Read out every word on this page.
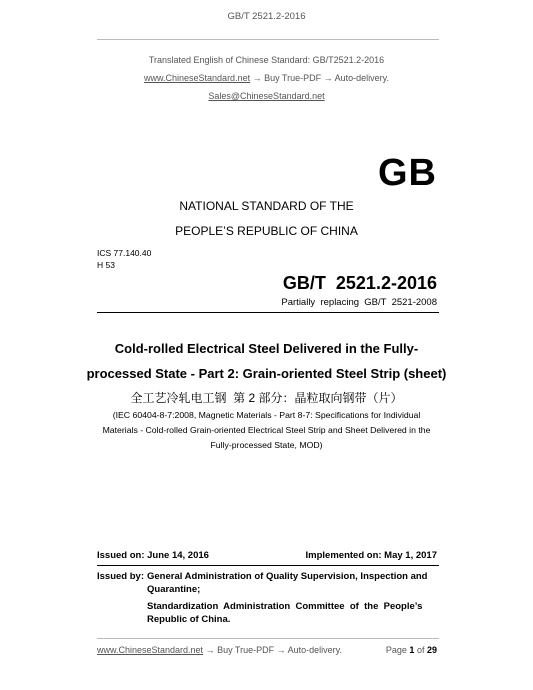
GB/T 2521.2-2016
Translated English of Chinese Standard: GB/T2521.2-2016
www.ChineseStandard.net → Buy True-PDF → Auto-delivery.
Sales@ChineseStandard.net
GB
NATIONAL STANDARD OF THE
PEOPLE’S REPUBLIC OF CHINA
ICS 77.140.40
H 53
GB/T  2521.2-2016
Partially  replacing  GB/T  2521-2008
Cold-rolled Electrical Steel Delivered in the Fully-
processed State - Part 2: Grain-oriented Steel Strip (sheet)
全工艺冷轧电工钢  第 2 部分：晶粒取向钢带（片）
(IEC 60404-8-7:2008, Magnetic Materials - Part 8-7: Specifications for Individual
Materials - Cold-rolled Grain-oriented Electrical Steel Strip and Sheet Delivered in the
Fully-processed State, MOD)
Issued on: June 14, 2016	Implemented on: May 1, 2017
Issued by: General Administration of Quality Supervision, Inspection and
Quarantine;
Standardization  Administration  Committee  of  the  People’s
Republic of China.
www.ChineseStandard.net → Buy True-PDF → Auto-delivery.	Page 1 of 29
